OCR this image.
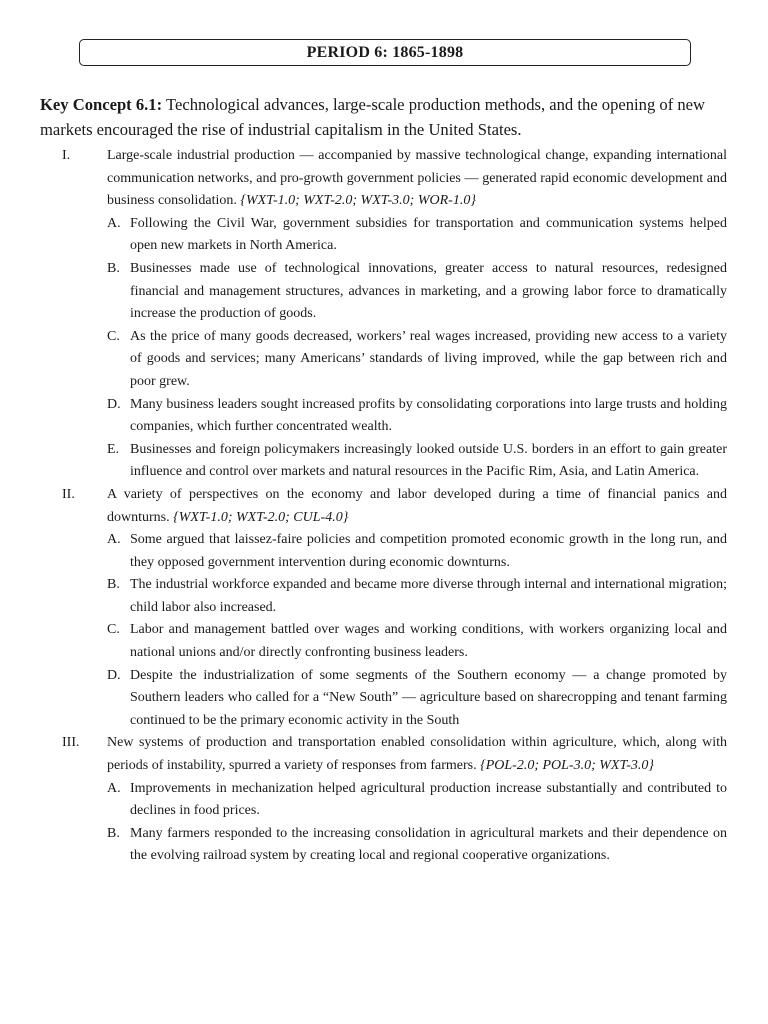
PERIOD 6: 1865-1898
Key Concept 6.1: Technological advances, large-scale production methods, and the opening of new markets encouraged the rise of industrial capitalism in the United States.
I.	Large-scale industrial production — accompanied by massive technological change, expanding international communication networks, and pro-growth government policies — generated rapid economic development and business consolidation. {WXT-1.0; WXT-2.0; WXT-3.0; WOR-1.0}
A. Following the Civil War, government subsidies for transportation and communication systems helped open new markets in North America.
B. Businesses made use of technological innovations, greater access to natural resources, redesigned financial and management structures, advances in marketing, and a growing labor force to dramatically increase the production of goods.
C. As the price of many goods decreased, workers’ real wages increased, providing new access to a variety of goods and services; many Americans’ standards of living improved, while the gap between rich and poor grew.
D. Many business leaders sought increased profits by consolidating corporations into large trusts and holding companies, which further concentrated wealth.
E. Businesses and foreign policymakers increasingly looked outside U.S. borders in an effort to gain greater influence and control over markets and natural resources in the Pacific Rim, Asia, and Latin America.
II. A variety of perspectives on the economy and labor developed during a time of financial panics and downturns. {WXT-1.0; WXT-2.0; CUL-4.0}
A. Some argued that laissez-faire policies and competition promoted economic growth in the long run, and they opposed government intervention during economic downturns.
B. The industrial workforce expanded and became more diverse through internal and international migration; child labor also increased.
C. Labor and management battled over wages and working conditions, with workers organizing local and national unions and/or directly confronting business leaders.
D. Despite the industrialization of some segments of the Southern economy — a change promoted by Southern leaders who called for a “New South” — agriculture based on sharecropping and tenant farming continued to be the primary economic activity in the South
III. New systems of production and transportation enabled consolidation within agriculture, which, along with periods of instability, spurred a variety of responses from farmers. {POL-2.0; POL-3.0; WXT-3.0}
A. Improvements in mechanization helped agricultural production increase substantially and contributed to declines in food prices.
B. Many farmers responded to the increasing consolidation in agricultural markets and their dependence on the evolving railroad system by creating local and regional cooperative organizations.
